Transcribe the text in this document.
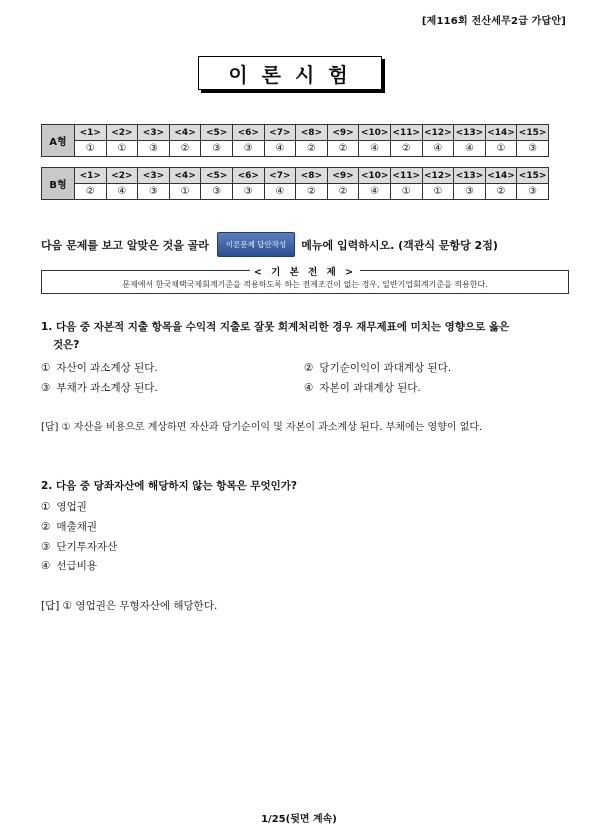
[제116회 전산세무2급 가답안]
이론시험
A형	<1>	<2>	<3>	<4>	<5>	<6>	<7>	<8>	<9>	<10>	<11>	<12>	<13>	<14>	<15>
	①	①	③	②	③	③	④	②	②	④	②	④	④	①	③
B형	<1>	<2>	<3>	<4>	<5>	<6>	<7>	<8>	<9>	<10>	<11>	<12>	<13>	<14>	<15>
	②	④	③	①	③	③	④	②	②	④	①	①	③	②	③
다음 문제를 보고 알맞은 것을 골라	이론문제 답안작성	메뉴에 입력하시오. (객관식 문항당 2점)
< 기 본 전 제 >
문제에서 한국채택국제회계기준을 적용하도록 하는 전제조건이 없는 경우, 일반기업회계기준을 적용한다.
1. 다음 중 자본적 지출 항목을 수익적 지출로 잘못 회계처리한 경우 재무제표에 미치는 영향으로 옳은
것은?
① 자산이 과소계상 된다.	② 당기순이익이 과대계상 된다.
③ 부채가 과소계상 된다.	④ 자본이 과대계상 된다.
[답] ① 자산을 비용으로 계상하면 자산과 당기순이익 및 자본이 과소계상 된다. 부채에는 영향이 없다.
2. 다음 중 당좌자산에 해당하지 않는 항목은 무엇인가?
① 영업권
② 매출채권
③ 단기투자자산
④ 선급비용
[답] ① 영업권은 무형자산에 해당한다.
1/25(뒷면 계속)
